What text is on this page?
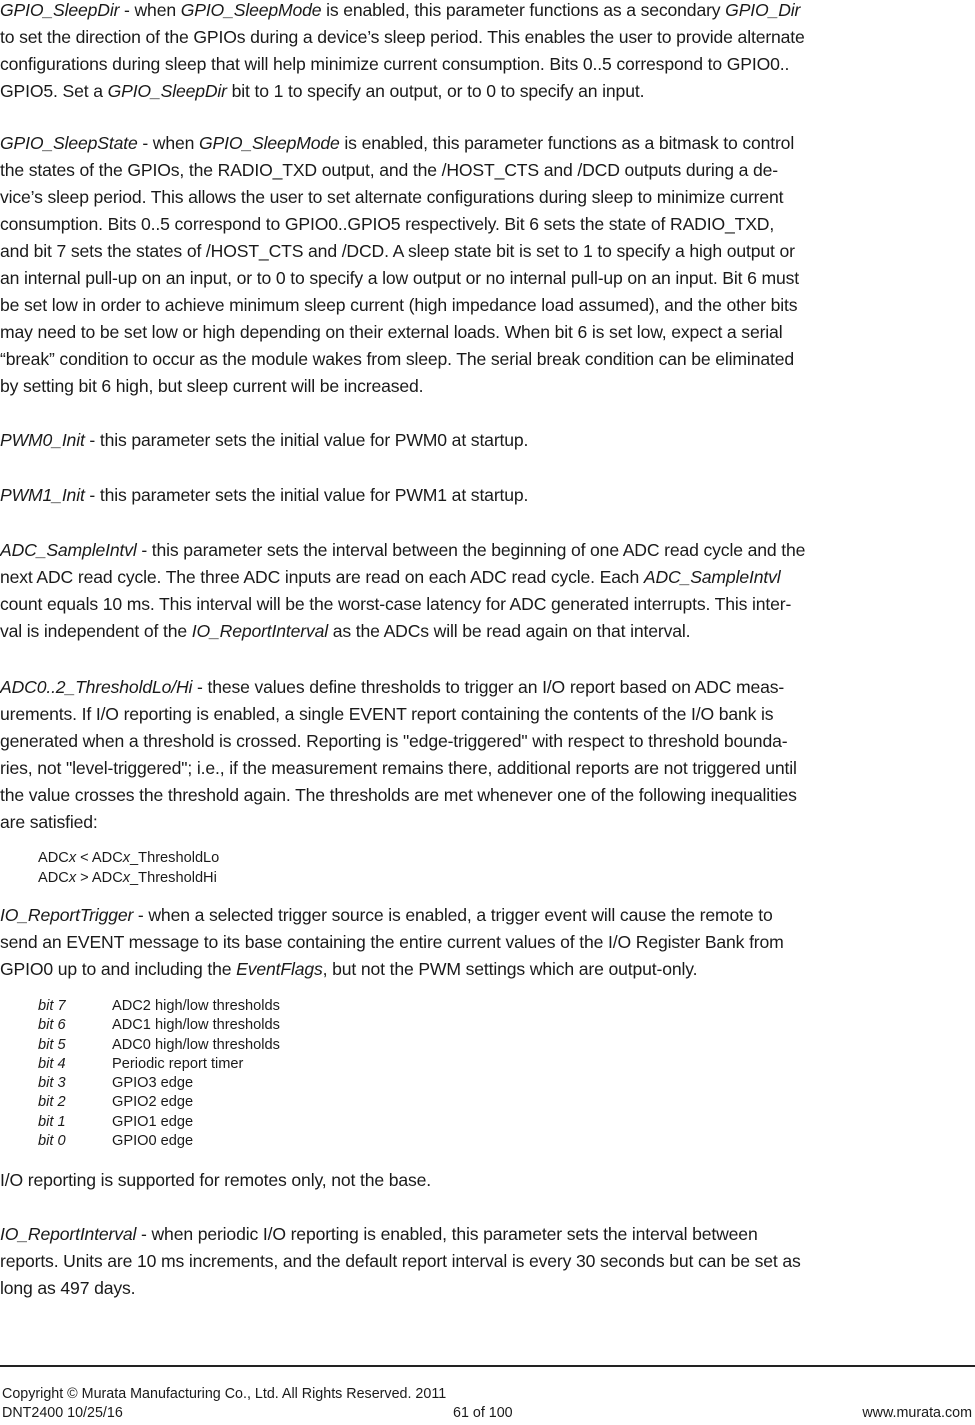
GPIO_SleepDir - when GPIO_SleepMode is enabled, this parameter functions as a secondary GPIO_Dir
to set the direction of the GPIOs during a device’s sleep period. This enables the user to provide alternate
configurations during sleep that will help minimize current consumption. Bits 0..5 correspond to GPIO0..
GPIO5. Set a GPIO_SleepDir bit to 1 to specify an output, or to 0 to specify an input.

GPIO_SleepState - when GPIO_SleepMode is enabled, this parameter functions as a bitmask to control
the states of the GPIOs, the RADIO_TXD output, and the /HOST_CTS and /DCD outputs during a de-
vice’s sleep period. This allows the user to set alternate configurations during sleep to minimize current
consumption. Bits 0..5 correspond to GPIO0..GPIO5 respectively. Bit 6 sets the state of RADIO_TXD,
and bit 7 sets the states of /HOST_CTS and /DCD. A sleep state bit is set to 1 to specify a high output or
an internal pull-up on an input, or to 0 to specify a low output or no internal pull-up on an input. Bit 6 must
be set low in order to achieve minimum sleep current (high impedance load assumed), and the other bits
may need to be set low or high depending on their external loads. When bit 6 is set low, expect a serial
“break” condition to occur as the module wakes from sleep. The serial break condition can be eliminated
by setting bit 6 high, but sleep current will be increased.

PWM0_Init - this parameter sets the initial value for PWM0 at startup.

PWM1_Init - this parameter sets the initial value for PWM1 at startup.

ADC_SampleIntvl - this parameter sets the interval between the beginning of one ADC read cycle and the
next ADC read cycle. The three ADC inputs are read on each ADC read cycle. Each ADC_SampleIntvl
count equals 10 ms. This interval will be the worst-case latency for ADC generated interrupts. This inter-
val is independent of the IO_ReportInterval as the ADCs will be read again on that interval.

ADC0..2_ThresholdLo/Hi - these values define thresholds to trigger an I/O report based on ADC meas-
urements. If I/O reporting is enabled, a single EVENT report containing the contents of the I/O bank is
generated when a threshold is crossed. Reporting is "edge-triggered" with respect to threshold bounda-
ries, not "level-triggered"; i.e., if the measurement remains there, additional reports are not triggered until
the value crosses the threshold again. The thresholds are met whenever one of the following inequalities
are satisfied:

ADCx < ADCx_ThresholdLo
ADCx > ADCx_ThresholdHi

IO_ReportTrigger - when a selected trigger source is enabled, a trigger event will cause the remote to
send an EVENT message to its base containing the entire current values of the I/O Register Bank from
GPIO0 up to and including the EventFlags, but not the PWM settings which are output-only.

bit 7	ADC2 high/low thresholds
bit 6	ADC1 high/low thresholds
bit 5	ADC0 high/low thresholds
bit 4	Periodic report timer
bit 3	GPIO3 edge
bit 2	GPIO2 edge
bit 1	GPIO1 edge
bit 0	GPIO0 edge

I/O reporting is supported for remotes only, not the base.

IO_ReportInterval - when periodic I/O reporting is enabled, this parameter sets the interval between
reports. Units are 10 ms increments, and the default report interval is every 30 seconds but can be set as
long as 497 days.

Copyright © Murata Manufacturing Co., Ltd. All Rights Reserved. 2011
DNT2400 10/25/16	61 of 100	www.murata.com
